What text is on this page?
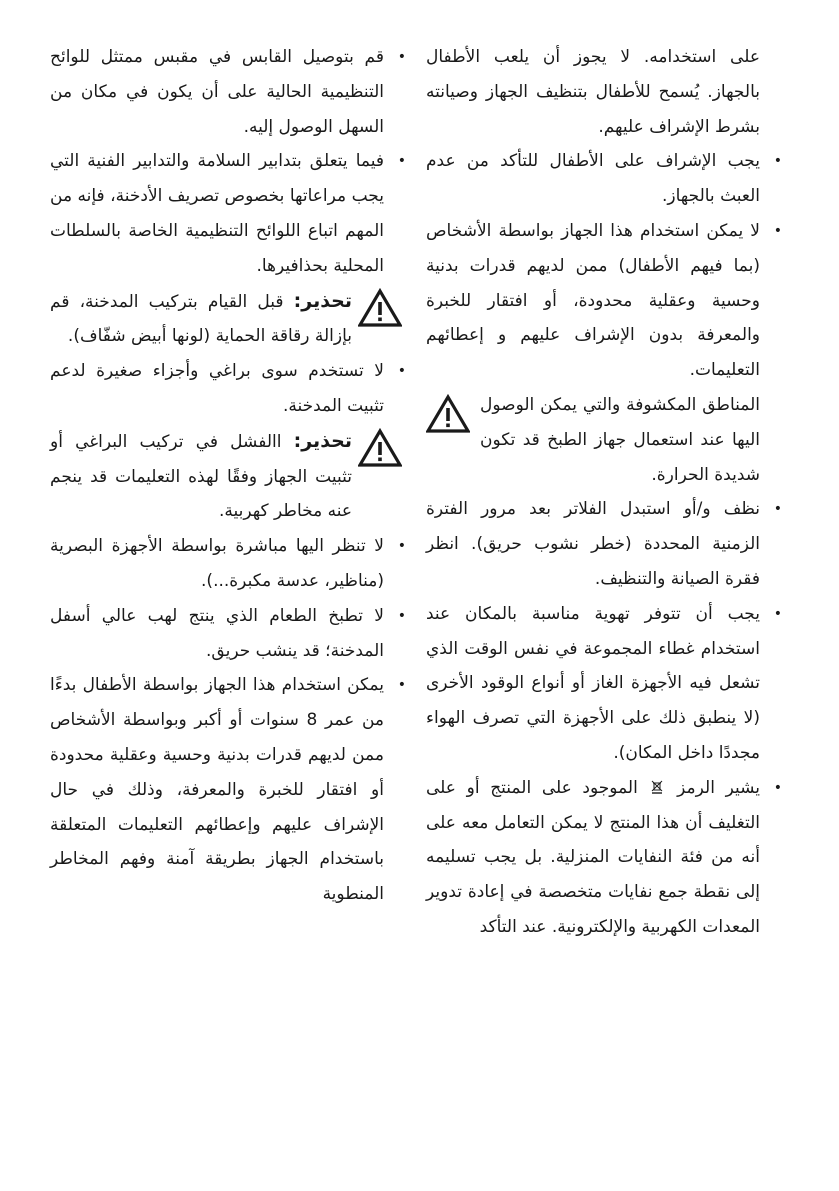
على استخدامه. لا يجوز أن يلعب الأطفال بالجهاز. يُسمح للأطفال بتنظيف الجهاز وصيانته بشرط الإشراف عليهم.
•
يجب الإشراف على الأطفال للتأكد من عدم العبث بالجهاز.
•
لا يمكن استخدام هذا الجهاز بواسطة الأشخاص (بما فيهم الأطفال) ممن لديهم قدرات بدنية وحسية وعقلية محدودة، أو افتقار للخبرة والمعرفة بدون الإشراف عليهم و إعطائهم التعليمات.
المناطق المكشوفة والتي يمكن الوصول اليها عند استعمال جهاز الطبخ قد تكون شديدة الحرارة.
•
نظف و/أو استبدل الفلاتر بعد مرور الفترة الزمنية المحددة (خطر نشوب حريق). انظر فقرة الصيانة والتنظيف.
•
يجب أن تتوفر تهوية مناسبة بالمكان عند استخدام غطاء المجموعة في نفس الوقت الذي تشعل فيه الأجهزة الغاز أو أنواع الوقود الأخرى (لا ينطبق ذلك على الأجهزة التي تصرف الهواء مجددًا داخل المكان).
•
يشير الرمز  الموجود على المنتج أو على التغليف أن هذا المنتج لا يمكن التعامل معه على أنه من فئة النفايات المنزلية. بل يجب تسليمه إلى نقطة جمع نفايات متخصصة في إعادة تدوير المعدات الكهربية والإلكترونية. عند التأكد
•
قم بتوصيل القابس في مقبس ممتثل للوائح التنظيمية الحالية على أن يكون في مكان من السهل الوصول إليه.
•
فيما يتعلق بتدابير السلامة والتدابير الفنية التي يجب مراعاتها بخصوص تصريف الأدخنة، فإنه من المهم اتباع اللوائح التنظيمية الخاصة بالسلطات المحلية بحذافيرها.
تحذير: قبل القيام بتركيب المدخنة، قم بإزالة رقاقة الحماية (لونها أبيض شفّاف).
•
لا تستخدم سوى براغي وأجزاء صغيرة لدعم تثبيت المدخنة.
تحذير: االفشل في تركيب البراغي أو تثبيت الجهاز وفقًا لهذه التعليمات قد ينجم عنه مخاطر كهربية.
•
لا تنظر اليها مباشرة بواسطة الأجهزة البصرية (مناظير، عدسة مكبرة...).
•
لا تطبخ الطعام الذي ينتج لهب عالي أسفل المدخنة؛ قد ينشب حريق.
•
يمكن استخدام هذا الجهاز بواسطة الأطفال بدءًا من عمر 8 سنوات أو أكبر وبواسطة الأشخاص ممن لديهم قدرات بدنية وحسية وعقلية محدودة أو افتقار للخبرة والمعرفة، وذلك في حال الإشراف عليهم وإعطائهم التعليمات المتعلقة باستخدام الجهاز بطريقة آمنة وفهم المخاطر المنطوية
